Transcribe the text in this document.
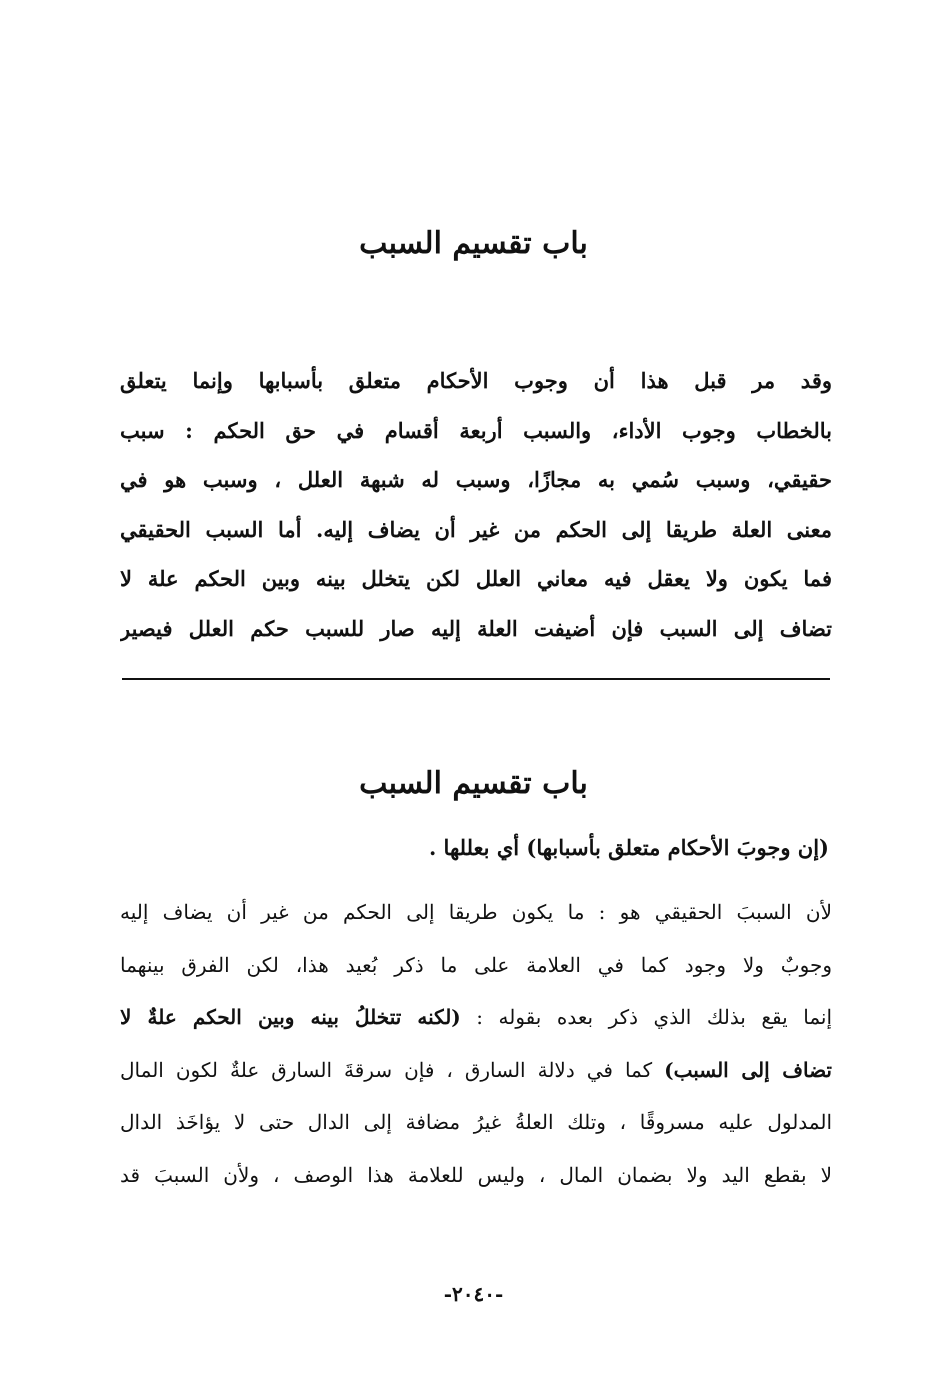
باب تقسيم السبب
وقد مر قبل هذا أن وجوب الأحكام متعلق بأسبابها وإنما يتعلق
بالخطاب وجوب الأداء، والسبب أربعة أقسام في حق الحكم : سبب
حقيقي، وسبب سُمي به مجازًا، وسبب له شبهة العلل ، وسبب هو في
معنى العلة طريقا إلى الحكم من غير أن يضاف إليه. أما السبب الحقيقي
فما يكون ولا يعقل فيه معاني العلل لكن يتخلل بينه وبين الحكم علة لا
تضاف إلى السبب فإن أضيفت العلة إليه صار للسبب حكم العلل فيصير
باب تقسيم السبب
(إن وجوبَ الأحكام متعلق بأسبابها) أي بعللها .
لأن السببَ الحقيقي هو : ما يكون طريقا إلى الحكم من غير أن يضاف إليه
وجوبٌ ولا وجود كما في العلامة على ما ذكر بُعيد هذا، لكن الفرق بينهما
إنما يقع بذلك الذي ذكر بعده بقوله : (لكنه تتخللُ بينه وبين الحكم علةٌ لا
تضاف إلى السبب) كما في دلالة السارق ، فإن سرقةَ السارق علةٌ لكون المال
المدلول عليه مسروقًا ، وتلك العلةُ غيرُ مضافة إلى الدال حتى لا يؤاخَذ الدال
لا بقطع اليد ولا بضمان المال ، وليس للعلامة هذا الوصف ، ولأن السببَ قد
-٢٠٤٠-
